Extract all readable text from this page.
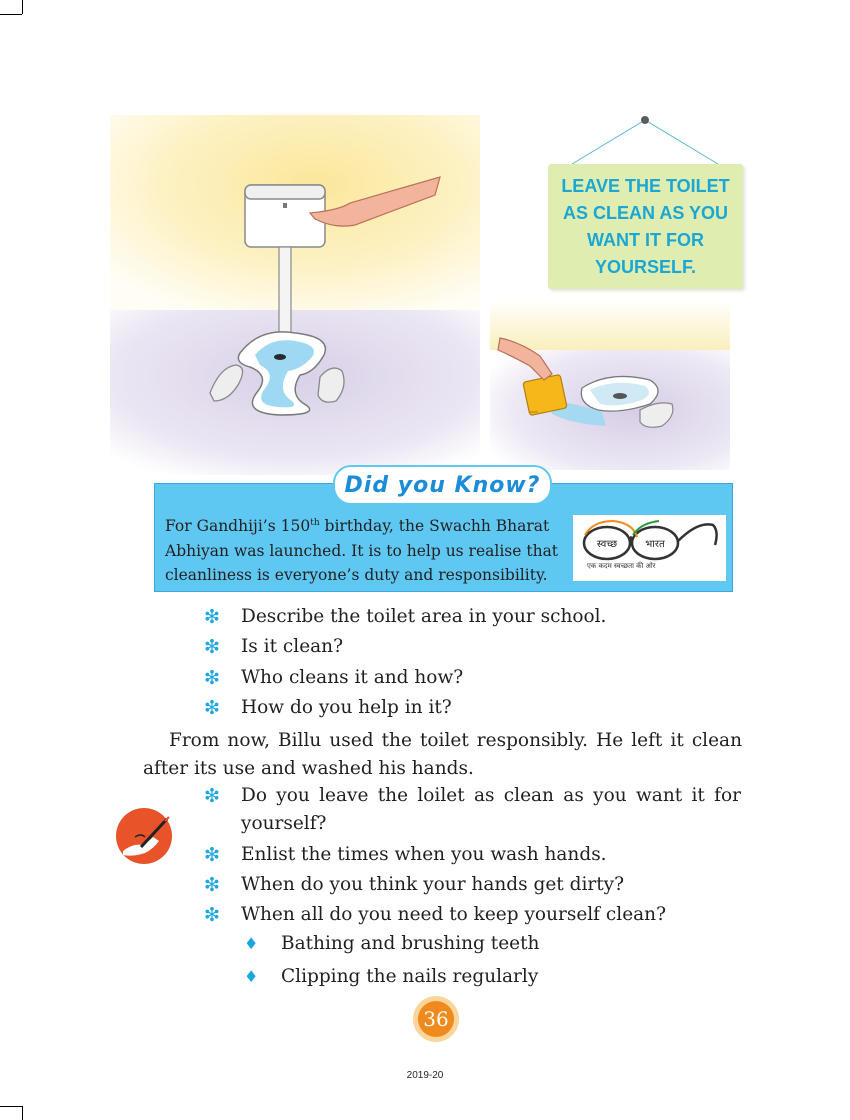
LEAVE THE TOILET AS CLEAN AS YOU WANT IT FOR YOURSELF.
For Gandhiji’s 150th birthday, the Swachh Bharat Abhiyan was launched. It is to help us realise that cleanliness is everyone’s duty and responsibility.
स्वच्छ	भारत
एक कदम स्वच्छता की ओर
Did you Know?
❇ Describe the toilet area in your school.
❇ Is it clean?
❇ Who cleans it and how?
❇ How do you help in it?
From now, Billu used the toilet responsibly. He left it clean after its use and washed his hands.
❇ Do you leave the loilet as clean as you want it for yourself?
❇ Enlist the times when you wash hands.
❇ When do you think your hands get dirty?
❇ When all do you need to keep yourself clean?
♦ Bathing and brushing teeth
♦ Clipping the nails regularly
36
2019-20
